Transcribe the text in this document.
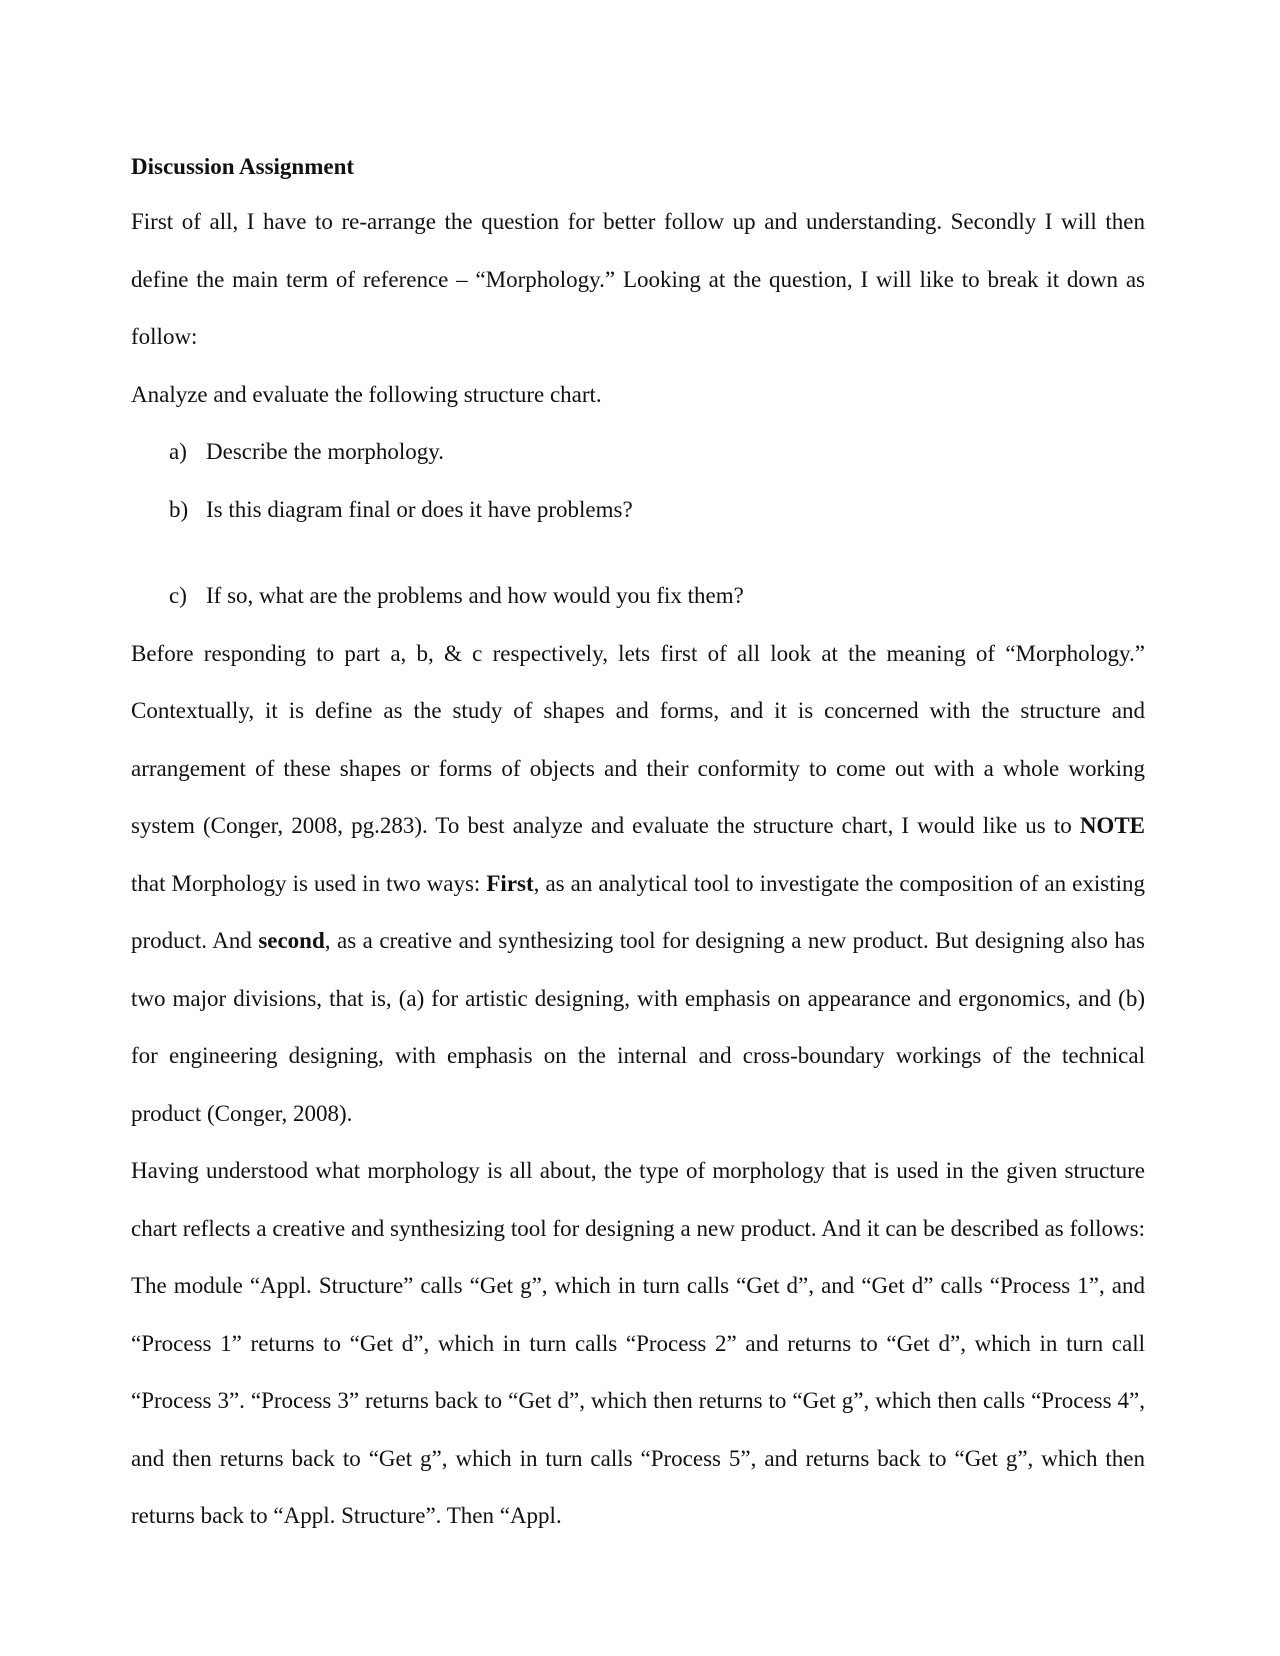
Discussion Assignment

First of all, I have to re-arrange the question for better follow up and understanding. Secondly I will then define the main term of reference – “Morphology.” Looking at the question, I will like to break it down as follow:

Analyze and evaluate the following structure chart.

a) Describe the morphology.
b) Is this diagram final or does it have problems?
c) If so, what are the problems and how would you fix them?

Before responding to part a, b, & c respectively, lets first of all look at the meaning of “Morphology.” Contextually, it is define as the study of shapes and forms, and it is concerned with the structure and arrangement of these shapes or forms of objects and their conformity to come out with a whole working system (Conger, 2008, pg.283). To best analyze and evaluate the structure chart, I would like us to NOTE that Morphology is used in two ways: First, as an analytical tool to investigate the composition of an existing product. And second, as a creative and synthesizing tool for designing a new product. But designing also has two major divisions, that is, (a) for artistic designing, with emphasis on appearance and ergonomics, and (b) for engineering designing, with emphasis on the internal and cross-boundary workings of the technical product (Conger, 2008).

Having understood what morphology is all about, the type of morphology that is used in the given structure chart reflects a creative and synthesizing tool for designing a new product. And it can be described as follows: The module “Appl. Structure” calls “Get g”, which in turn calls “Get d”, and “Get d” calls “Process 1”, and “Process 1” returns to “Get d”, which in turn calls “Process 2” and returns to “Get d”, which in turn call “Process 3”. “Process 3” returns back to “Get d”, which then returns to “Get g”, which then calls “Process 4”, and then returns back to “Get g”, which in turn calls “Process 5”, and returns back to “Get g”, which then returns back to “Appl. Structure”. Then “Appl.
